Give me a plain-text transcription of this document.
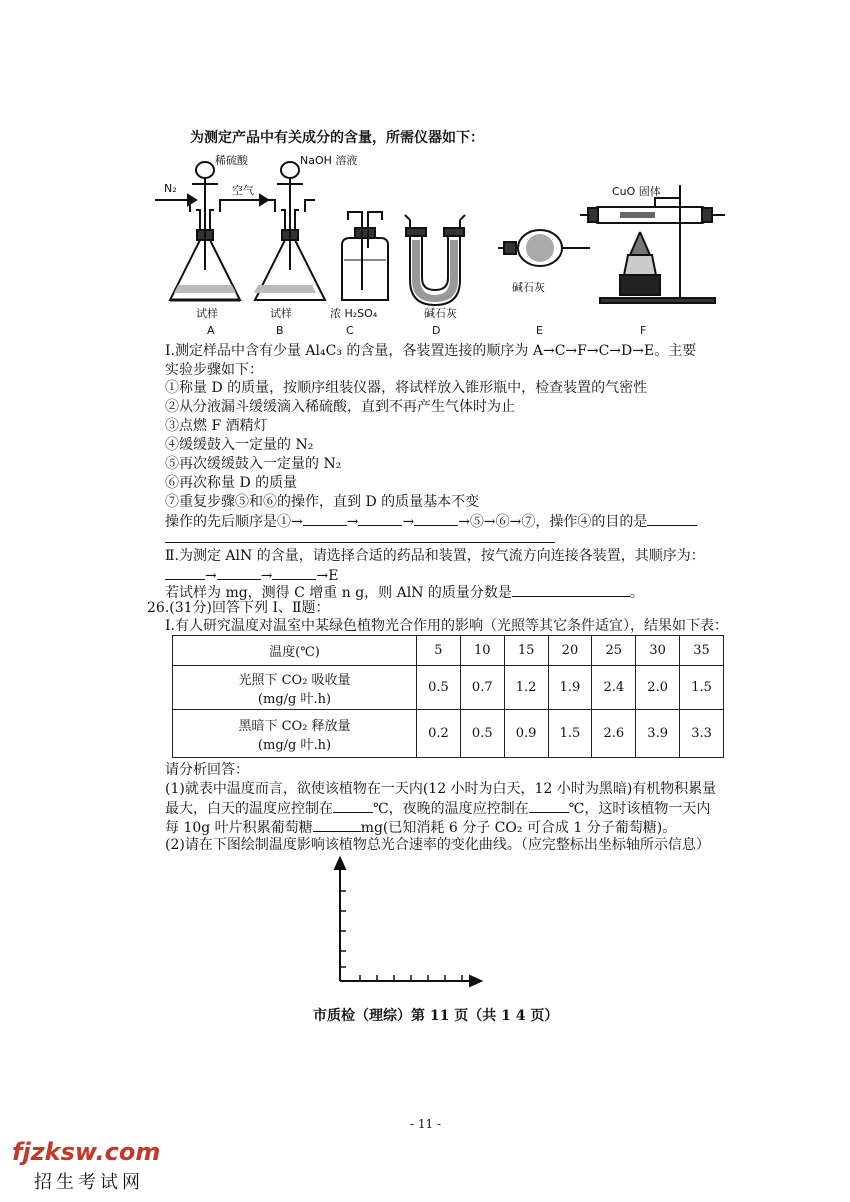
为测定产品中有关成分的含量，所需仪器如下：
稀硫酸	NaOH 溶液
N₂	空气	CuO 固体
试样	试样	浓 H₂SO₄	碱石灰
碱石灰
A	B	C	D	E	F
Ⅰ.测定样品中含有少量 Al₄C₃ 的含量，各装置连接的顺序为 A→C→F→C→D→E。主要
实验步骤如下：
①称量 D 的质量，按顺序组装仪器，将试样放入锥形瓶中，检查装置的气密性
②从分液漏斗缓缓滴入稀硫酸，直到不再产生气体时为止
③点燃 F 酒精灯
④缓缓鼓入一定量的 N₂
⑤再次缓缓鼓入一定量的 N₂
⑥再次称量 D 的质量
⑦重复步骤⑤和⑥的操作，直到 D 的质量基本不变
操作的先后顺序是①→	→	→	→⑤→⑥→⑦，操作④的目的是
Ⅱ.为测定 AlN 的含量，请选择合适的药品和装置，按气流方向连接各装置，其顺序为：
→	→	→E
若试样为 mg，测得 C 增重 n g，则 AlN 的质量分数是	。
26.(31分)回答下列 Ⅰ、Ⅱ题：
Ⅰ.有人研究温度对温室中某绿色植物光合作用的影响（光照等其它条件适宜），结果如下表：
温度(℃)	5	10	15	20	25	30	35

光照下 CO₂ 吸收量
(mg/g 叶.h)	0.5	0.7	1.2	1.9	2.4	2.0	1.5

黑暗下 CO₂ 释放量
(mg/g 叶.h)	0.2	0.5	0.9	1.5	2.6	3.9	3.3
请分析回答：
(1)就表中温度而言，欲使该植物在一天内(12 小时为白天，12 小时为黑暗)有机物积累量
最大，白天的温度应控制在	℃，夜晚的温度应控制在	℃，这时该植物一天内
每 10g 叶片积累葡萄糖	mg(已知消耗 6 分子 CO₂ 可合成 1 分子葡萄糖)。
(2)请在下图绘制温度影响该植物总光合速率的变化曲线。（应完整标出坐标轴所示信息）
市质检（理综）第 11 页（共 1 4 页）
- 11 -
fjzksw.com
招生考试网
